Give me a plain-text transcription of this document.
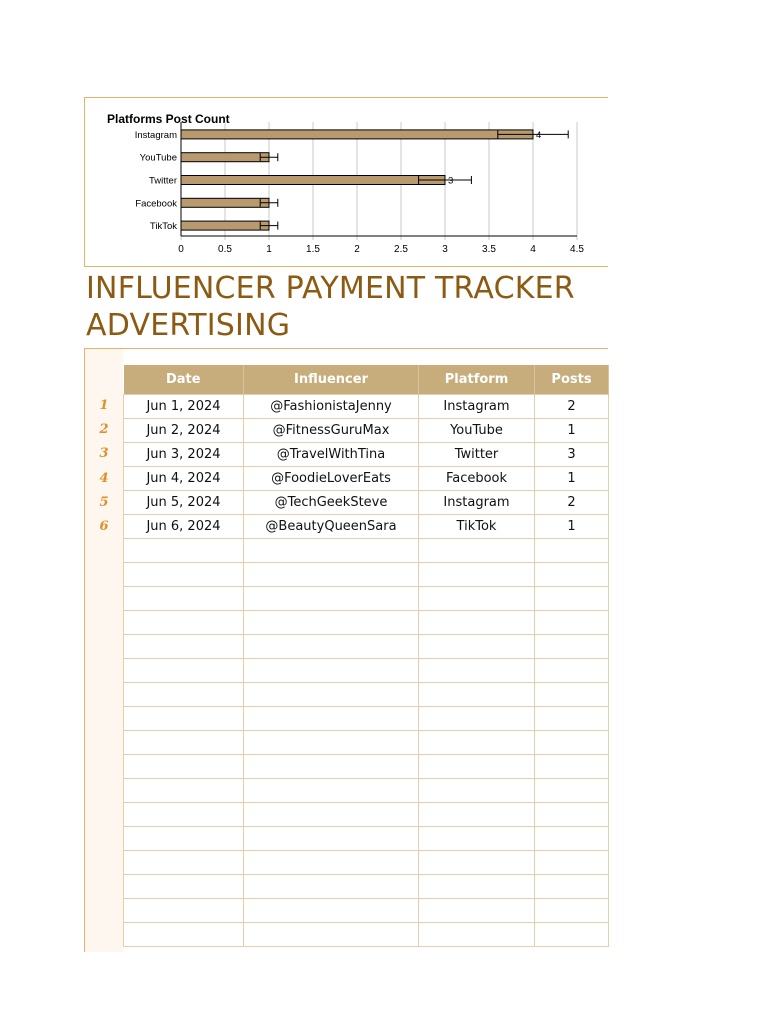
Platforms Post Count
0	0.5	1	1.5	2	2.5	3	3.5	4	4.5
Instagram	4
YouTube
Twitter	3
Facebook
TikTok
INFLUENCER PAYMENT TRACKER
ADVERTISING
1
2
3
4
5
6
Date	Influencer	Platform	Posts
Jun 1, 2024	@FashionistaJenny	Instagram	2
Jun 2, 2024	@FitnessGuruMax	YouTube	1
Jun 3, 2024	@TravelWithTina	Twitter	3
Jun 4, 2024	@FoodieLoverEats	Facebook	1
Jun 5, 2024	@TechGeekSteve	Instagram	2
Jun 6, 2024	@BeautyQueenSara	TikTok	1
